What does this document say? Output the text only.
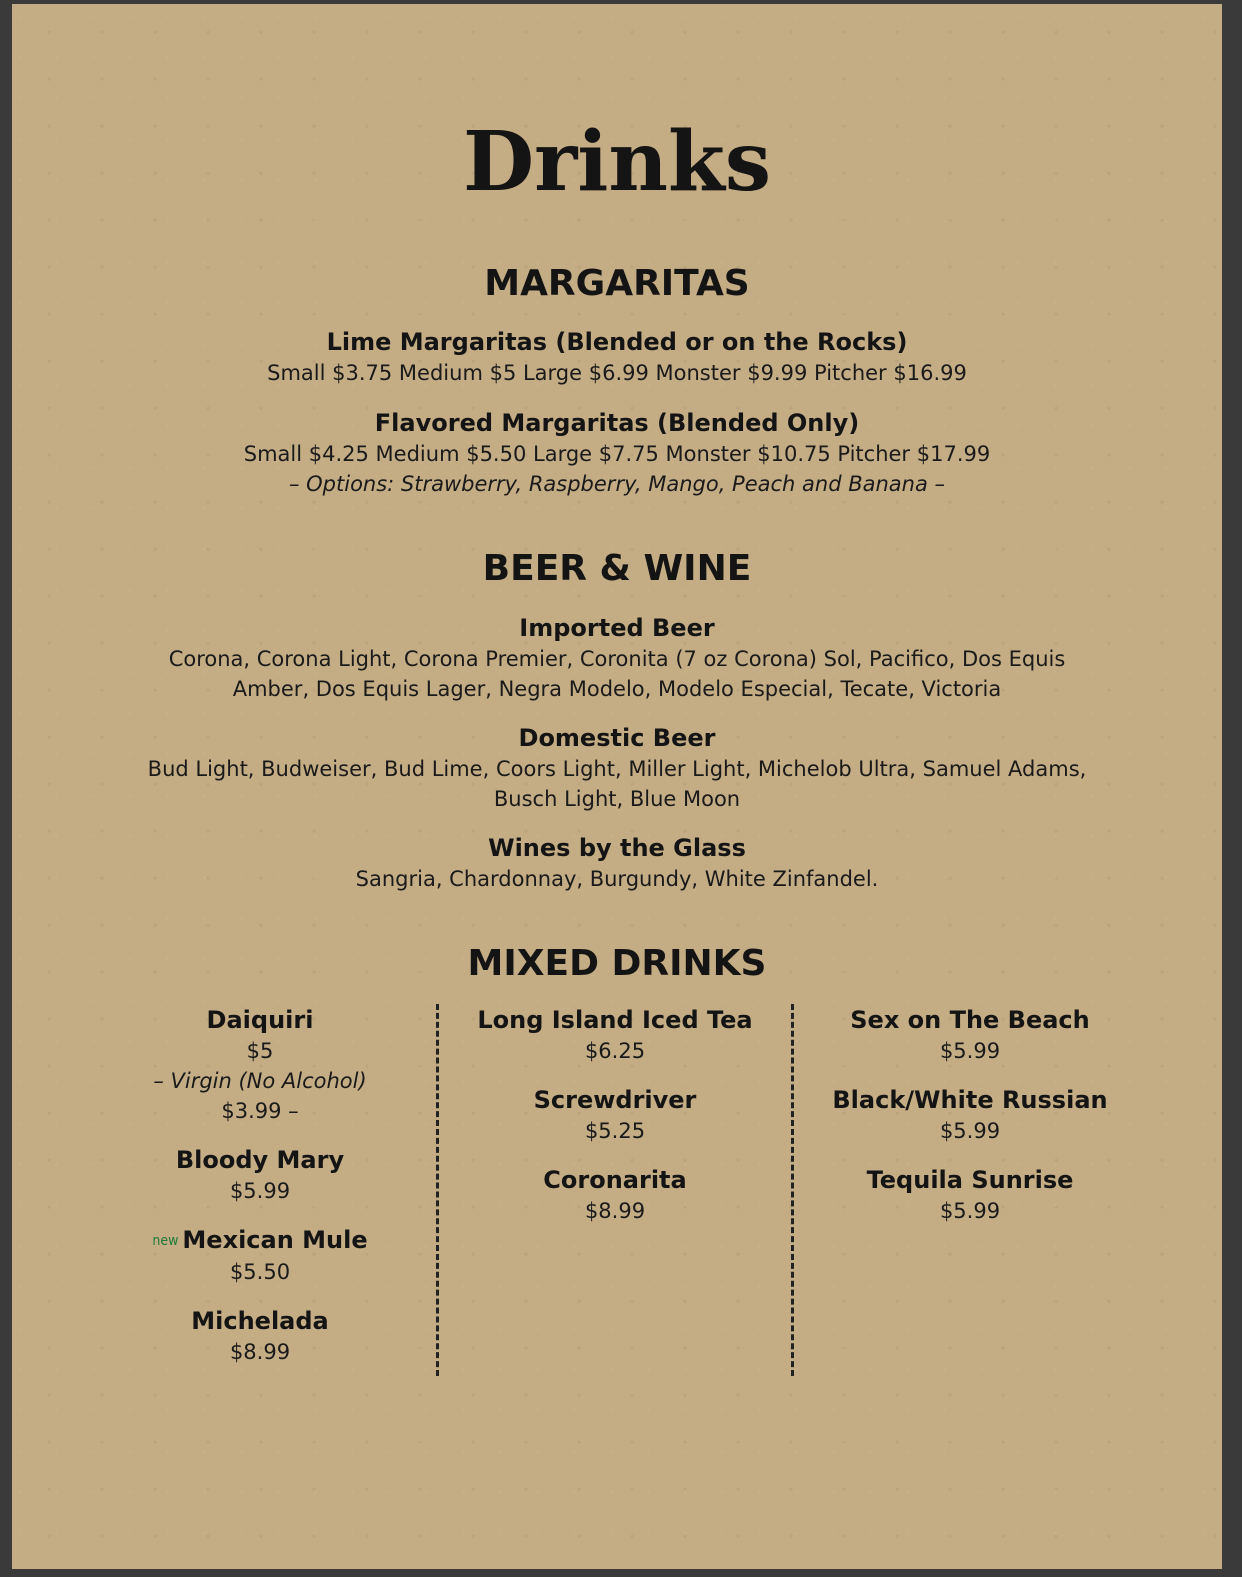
Drinks
MARGARITAS
Lime Margaritas (Blended or on the Rocks)
Small $3.75 Medium $5 Large $6.99 Monster $9.99 Pitcher $16.99
Flavored Margaritas (Blended Only)
Small $4.25 Medium $5.50 Large $7.75 Monster $10.75 Pitcher $17.99
– Options: Strawberry, Raspberry, Mango, Peach and Banana –
BEER & WINE
Imported Beer
Corona, Corona Light, Corona Premier, Coronita (7 oz Corona) Sol, Pacifico, Dos Equis
Amber, Dos Equis Lager, Negra Modelo, Modelo Especial, Tecate, Victoria
Domestic Beer
Bud Light, Budweiser, Bud Lime, Coors Light, Miller Light, Michelob Ultra, Samuel Adams,
Busch Light, Blue Moon
Wines by the Glass
Sangria, Chardonnay, Burgundy, White Zinfandel.
MIXED DRINKS
Daiquiri
$5
– Virgin (No Alcohol)
$3.99 –
Bloody Mary
$5.99
new Mexican Mule
$5.50
Michelada
$8.99
Long Island Iced Tea
$6.25
Screwdriver
$5.25
Coronarita
$8.99
Sex on The Beach
$5.99
Black/White Russian
$5.99
Tequila Sunrise
$5.99
